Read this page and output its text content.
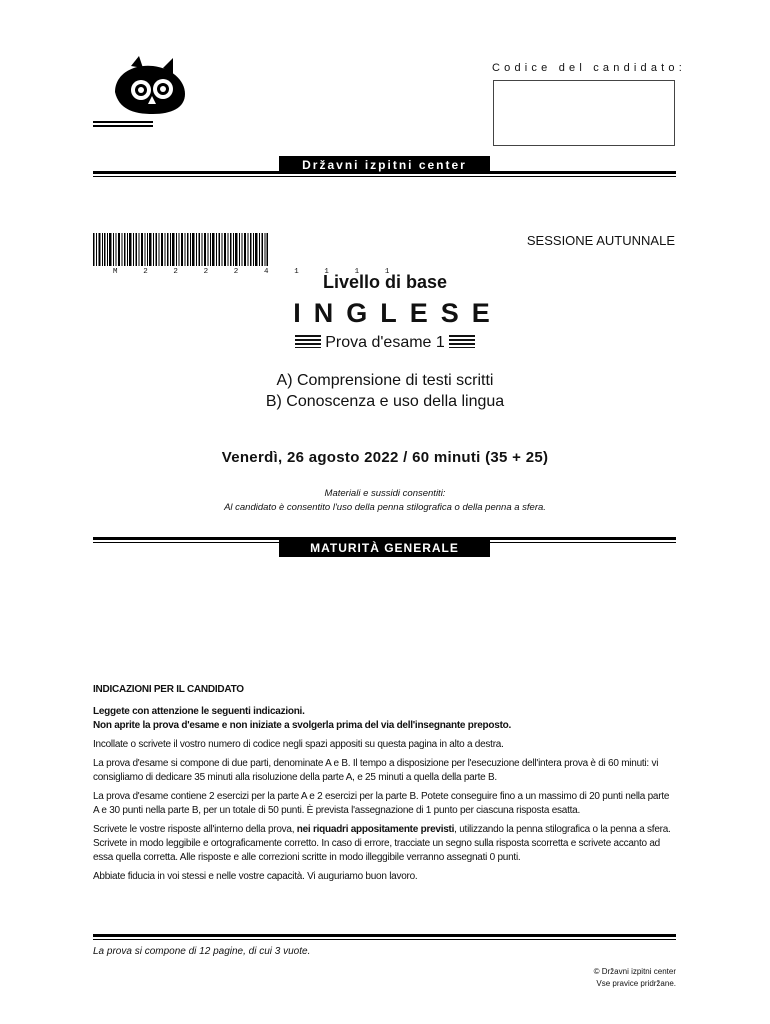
Codice del candidato:
Državni izpitni center
M 2 2 2 2 4 1 1 1 1
SESSIONE AUTUNNALE
Livello di base
INGLESE
Prova d'esame 1
A) Comprensione di testi scritti
B) Conoscenza e uso della lingua
Venerdì, 26 agosto 2022 / 60 minuti (35 + 25)
Materiali e sussidi consentiti:
Al candidato è consentito l'uso della penna stilografica o della penna a sfera.
MATURITÀ GENERALE

INDICAZIONI PER IL CANDIDATO

Leggete con attenzione le seguenti indicazioni.

Non aprite la prova d'esame e non iniziate a svolgerla prima del via dell'insegnante preposto.

Incollate o scrivete il vostro numero di codice negli spazi appositi su questa pagina in alto a destra.

La prova d'esame si compone di due parti, denominate A e B. Il tempo a disposizione per l'esecuzione dell'intera prova è di 60 minuti: vi consigliamo di dedicare 35 minuti alla risoluzione della parte A, e 25 minuti a quella della parte B.

La prova d'esame contiene 2 esercizi per la parte A e 2 esercizi per la parte B. Potete conseguire fino a un massimo di 20 punti nella parte A e 30 punti nella parte B, per un totale di 50 punti. È prevista l'assegnazione di 1 punto per ciascuna risposta esatta.

Scrivete le vostre risposte all'interno della prova, nei riquadri appositamente previsti, utilizzando la penna stilografica o la penna a sfera. Scrivete in modo leggibile e ortograficamente corretto. In caso di errore, tracciate un segno sulla risposta scorretta e scrivete accanto ad essa quella corretta. Alle risposte e alle correzioni scritte in modo illeggibile verranno assegnati 0 punti.

Abbiate fiducia in voi stessi e nelle vostre capacità. Vi auguriamo buon lavoro.

La prova si compone di 12 pagine, di cui 3 vuote.
© Državni izpitni center
Vse pravice pridržane.
